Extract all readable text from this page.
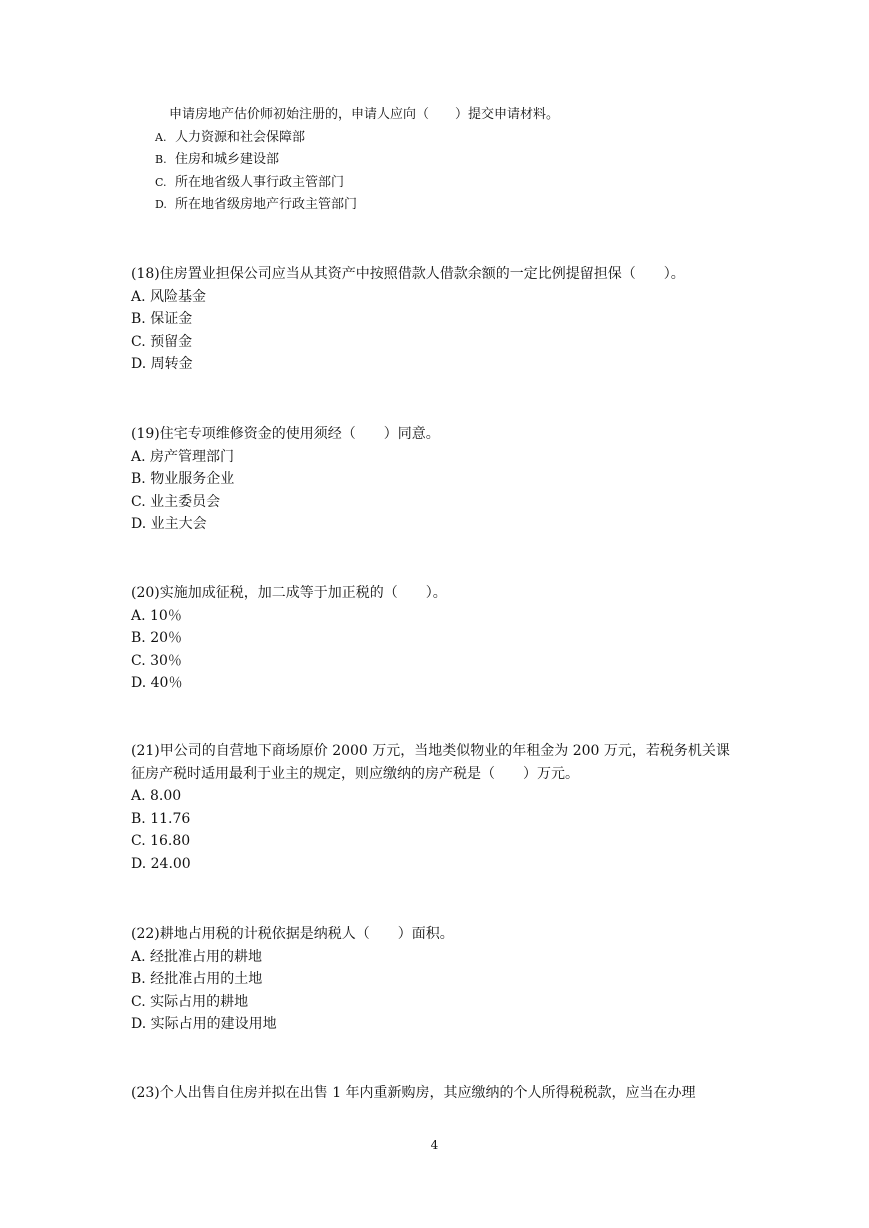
申请房地产估价师初始注册的，申请人应向（　　）提交申请材料。
A. 人力资源和社会保障部
B. 住房和城乡建设部
C. 所在地省级人事行政主管部门
D. 所在地省级房地产行政主管部门
(18)住房置业担保公司应当从其资产中按照借款人借款余额的一定比例提留担保（　　）。
A. 风险基金
B. 保证金
C. 预留金
D. 周转金
(19)住宅专项维修资金的使用须经（　　）同意。
A. 房产管理部门
B. 物业服务企业
C. 业主委员会
D. 业主大会
(20)实施加成征税，加二成等于加正税的（　　）。
A. 10％
B. 20％
C. 30％
D. 40％
(21)甲公司的自营地下商场原价 2000 万元，当地类似物业的年租金为 200 万元，若税务机关课征房产税时适用最利于业主的规定，则应缴纳的房产税是（　　）万元。
A. 8.00
B. 11.76
C. 16.80
D. 24.00
(22)耕地占用税的计税依据是纳税人（　　）面积。
A. 经批准占用的耕地
B. 经批准占用的土地
C. 实际占用的耕地
D. 实际占用的建设用地
(23)个人出售自住房并拟在出售 1 年内重新购房，其应缴纳的个人所得税税款，应当在办理
4
